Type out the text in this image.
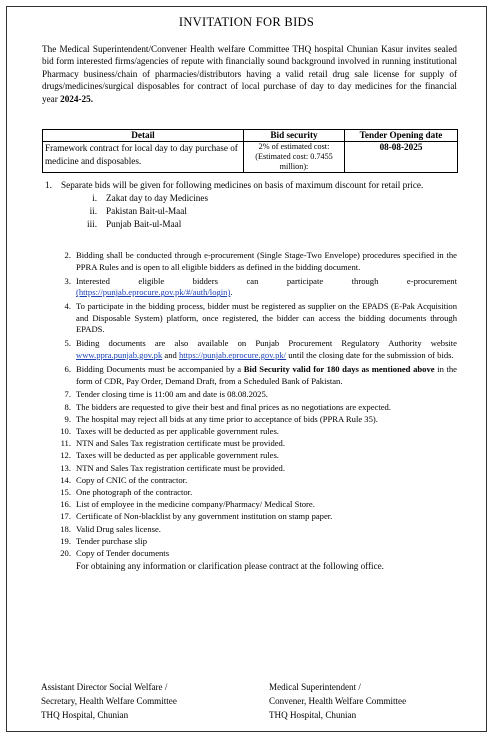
INVITATION FOR BIDS
The Medical Superintendent/Convener Health welfare Committee THQ hospital Chunian Kasur invites sealed bid form interested firms/agencies of repute with financially sound background involved in running institutional Pharmacy business/chain of pharmacies/distributors having a valid retail drug sale license for supply of drugs/medicines/surgical disposables for contract of local purchase of day to day medicines for the financial year 2024-25.
Detail	Bid security	Tender Opening date
Framework contract for local day to day purchase of medicine and disposables.	2% of estimated cost: (Estimated cost: 0.7455 million):	08-08-2025
1. Separate bids will be given for following medicines on basis of maximum discount for retail price.
i. Zakat day to day Medicines
ii. Pakistan Bait-ul-Maal
iii. Punjab Bait-ul-Maal
2. Bidding shall be conducted through e-procurement (Single Stage-Two Envelope) procedures specified in the PPRA Rules and is open to all eligible bidders as defined in the bidding document.
3. Interested eligible bidders can participate through e-procurement (https://punjab.eprocure.gov.pk/#/auth/login).
4. To participate in the bidding process, bidder must be registered as supplier on the EPADS (E-Pak Acquisition and Disposable System) platform, once registered, the bidder can access the bidding documents through EPADS.
5. Biding documents are also available on Punjab Procurement Regulatory Authority website www.ppra.punjab.gov.pk and https://punjab.eprocure.gov.pk/ until the closing date for the submission of bids.
6. Bidding Documents must be accompanied by a Bid Security valid for 180 days as mentioned above in the form of CDR, Pay Order, Demand Draft, from a Scheduled Bank of Pakistan.
7. Tender closing time is 11:00 am and date is 08.08.2025.
8. The bidders are requested to give their best and final prices as no negotiations are expected.
9. The hospital may reject all bids at any time prior to acceptance of bids (PPRA Rule 35).
10. Taxes will be deducted as per applicable government rules.
11. NTN and Sales Tax registration certificate must be provided.
12. Taxes will be deducted as per applicable government rules.
13. NTN and Sales Tax registration certificate must be provided.
14. Copy of CNIC of the contractor.
15. One photograph of the contractor.
16. List of employee in the medicine company/Pharmacy/ Medical Store.
17. Certificate of Non-blacklist by any government institution on stamp paper.
18. Valid Drug sales license.
19. Tender purchase slip
20. Copy of Tender documents
For obtaining any information or clarification please contract at the following office.
Assistant Director Social Welfare /
Secretary, Health Welfare Committee
THQ Hospital, Chunian
Medical Superintendent /
Convener, Health Welfare Committee
THQ Hospital, Chunian
